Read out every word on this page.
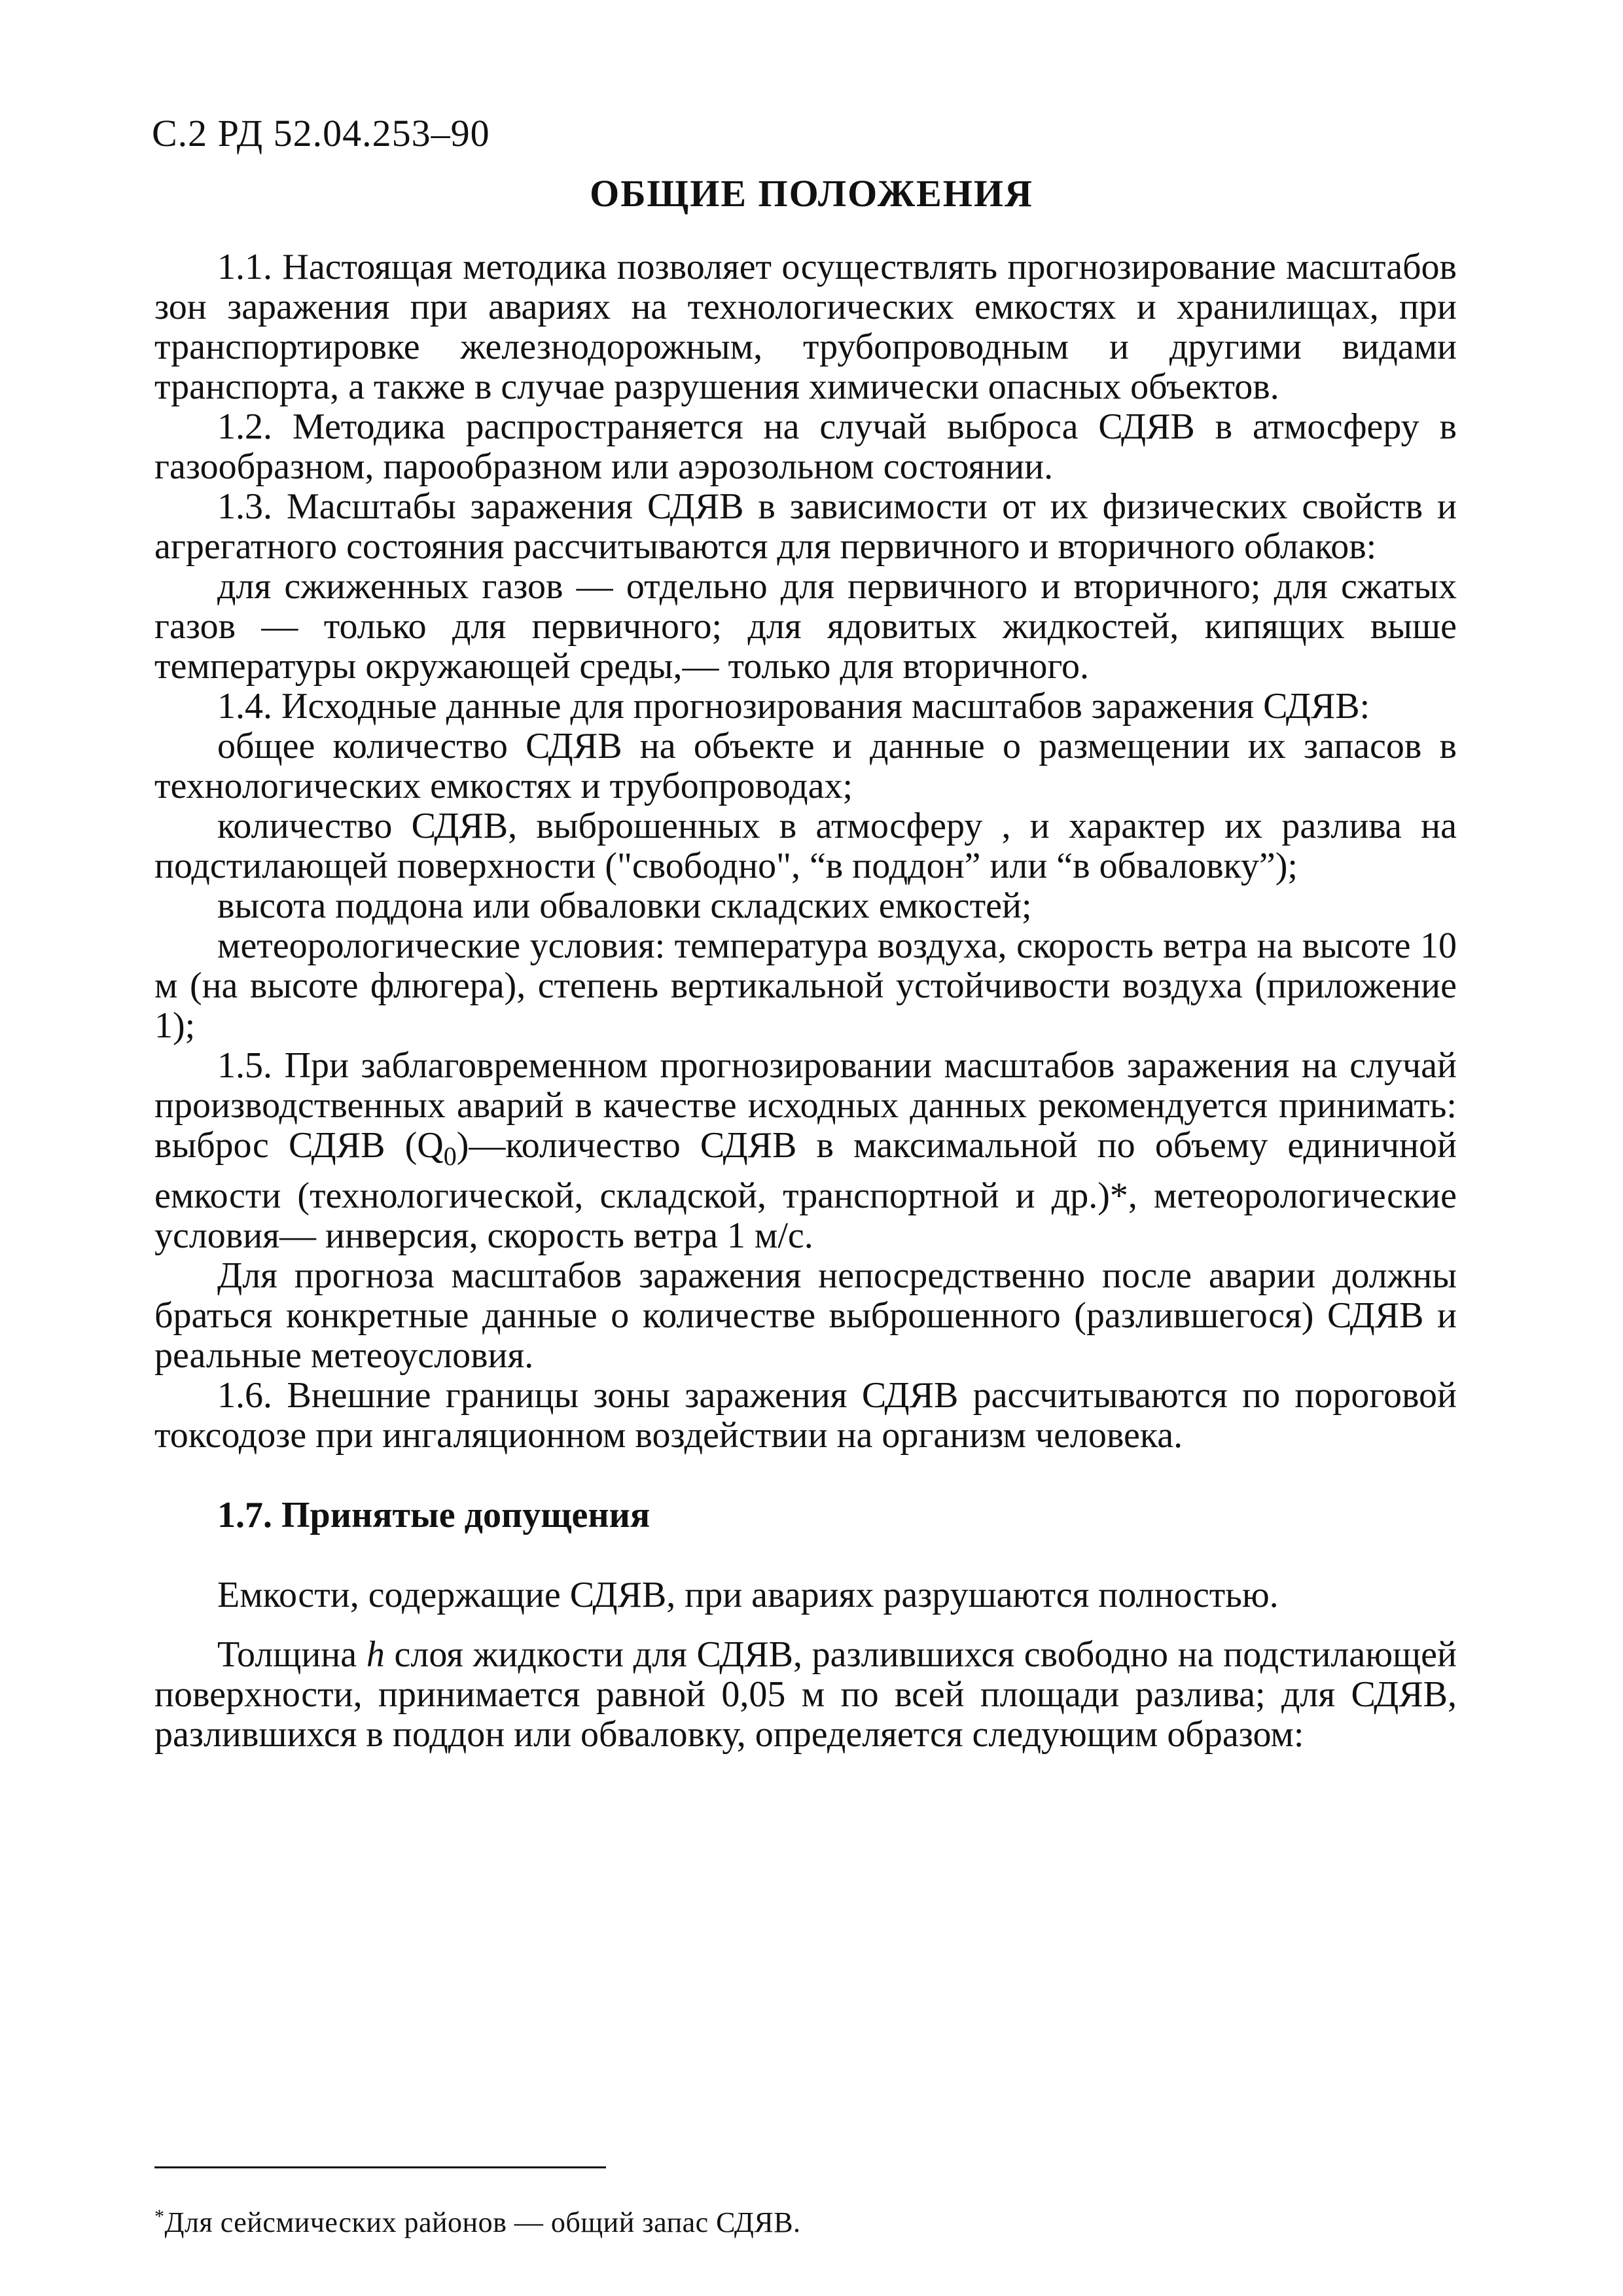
С.2 РД 52.04.253–90
ОБЩИЕ ПОЛОЖЕНИЯ

1.1. Настоящая методика позволяет осуществлять прогнозирование масштабов зон заражения при авариях на технологических емкостях и хранилищах, при транспортировке железнодорожным, трубопроводным и другими видами транспорта, а также в случае разрушения химически опасных объектов.

1.2. Методика распространяется на случай выброса СДЯВ в атмосферу в газообразном, парообразном или аэрозольном состоянии.

1.3. Масштабы заражения СДЯВ в зависимости от их физических свойств и агрегатного состояния рассчитываются для первичного и вторичного облаков:

для сжиженных газов — отдельно для первичного и вторичного; для сжатых газов — только для первичного; для ядовитых жидкостей, кипящих выше температуры окружающей среды,— только для вторичного.

1.4. Исходные данные для прогнозирования масштабов заражения СДЯВ:

общее количество СДЯВ на объекте и данные о размещении их запасов в технологических емкостях и трубопроводах;

количество СДЯВ, выброшенных в атмосферу , и характер их разлива на подстилающей поверхности ("свободно", “в поддон” или “в обваловку”);

высота поддона или обваловки складских емкостей;

метеорологические условия: температура воздуха, скорость ветра на высоте 10 м (на высоте флюгера), степень вертикальной устойчивости воздуха (приложение 1);

1.5. При заблаговременном прогнозировании масштабов заражения на случай производственных аварий в качестве исходных данных рекомендуется принимать: выброс СДЯВ $(Q_0)—количество$ СДЯВ в максимальной по объему единичной емкости (технологической, складской, транспортной и др.)*, метеорологические условия— инверсия, скорость ветра 1 м/с.

Для прогноза масштабов заражения непосредственно после аварии должны браться конкретные данные о количестве выброшенного (разлившегося) СДЯВ и реальные метеоусловия.

1.6. Внешние границы зоны заражения СДЯВ рассчитываются по пороговой токсодозе при ингаляционном воздействии на организм человека.

1.7. Принятые допущения

Емкости, содержащие СДЯВ, при авариях разрушаются полностью.

Толщина h слоя жидкости для СДЯВ, разлившихся свободно на подстилающей поверхности, принимается равной 0,05 м по всей площади разлива; для СДЯВ, разлившихся в поддон или обваловку, определяется следующим образом:

*Для сейсмических районов — общий запас СДЯВ.
